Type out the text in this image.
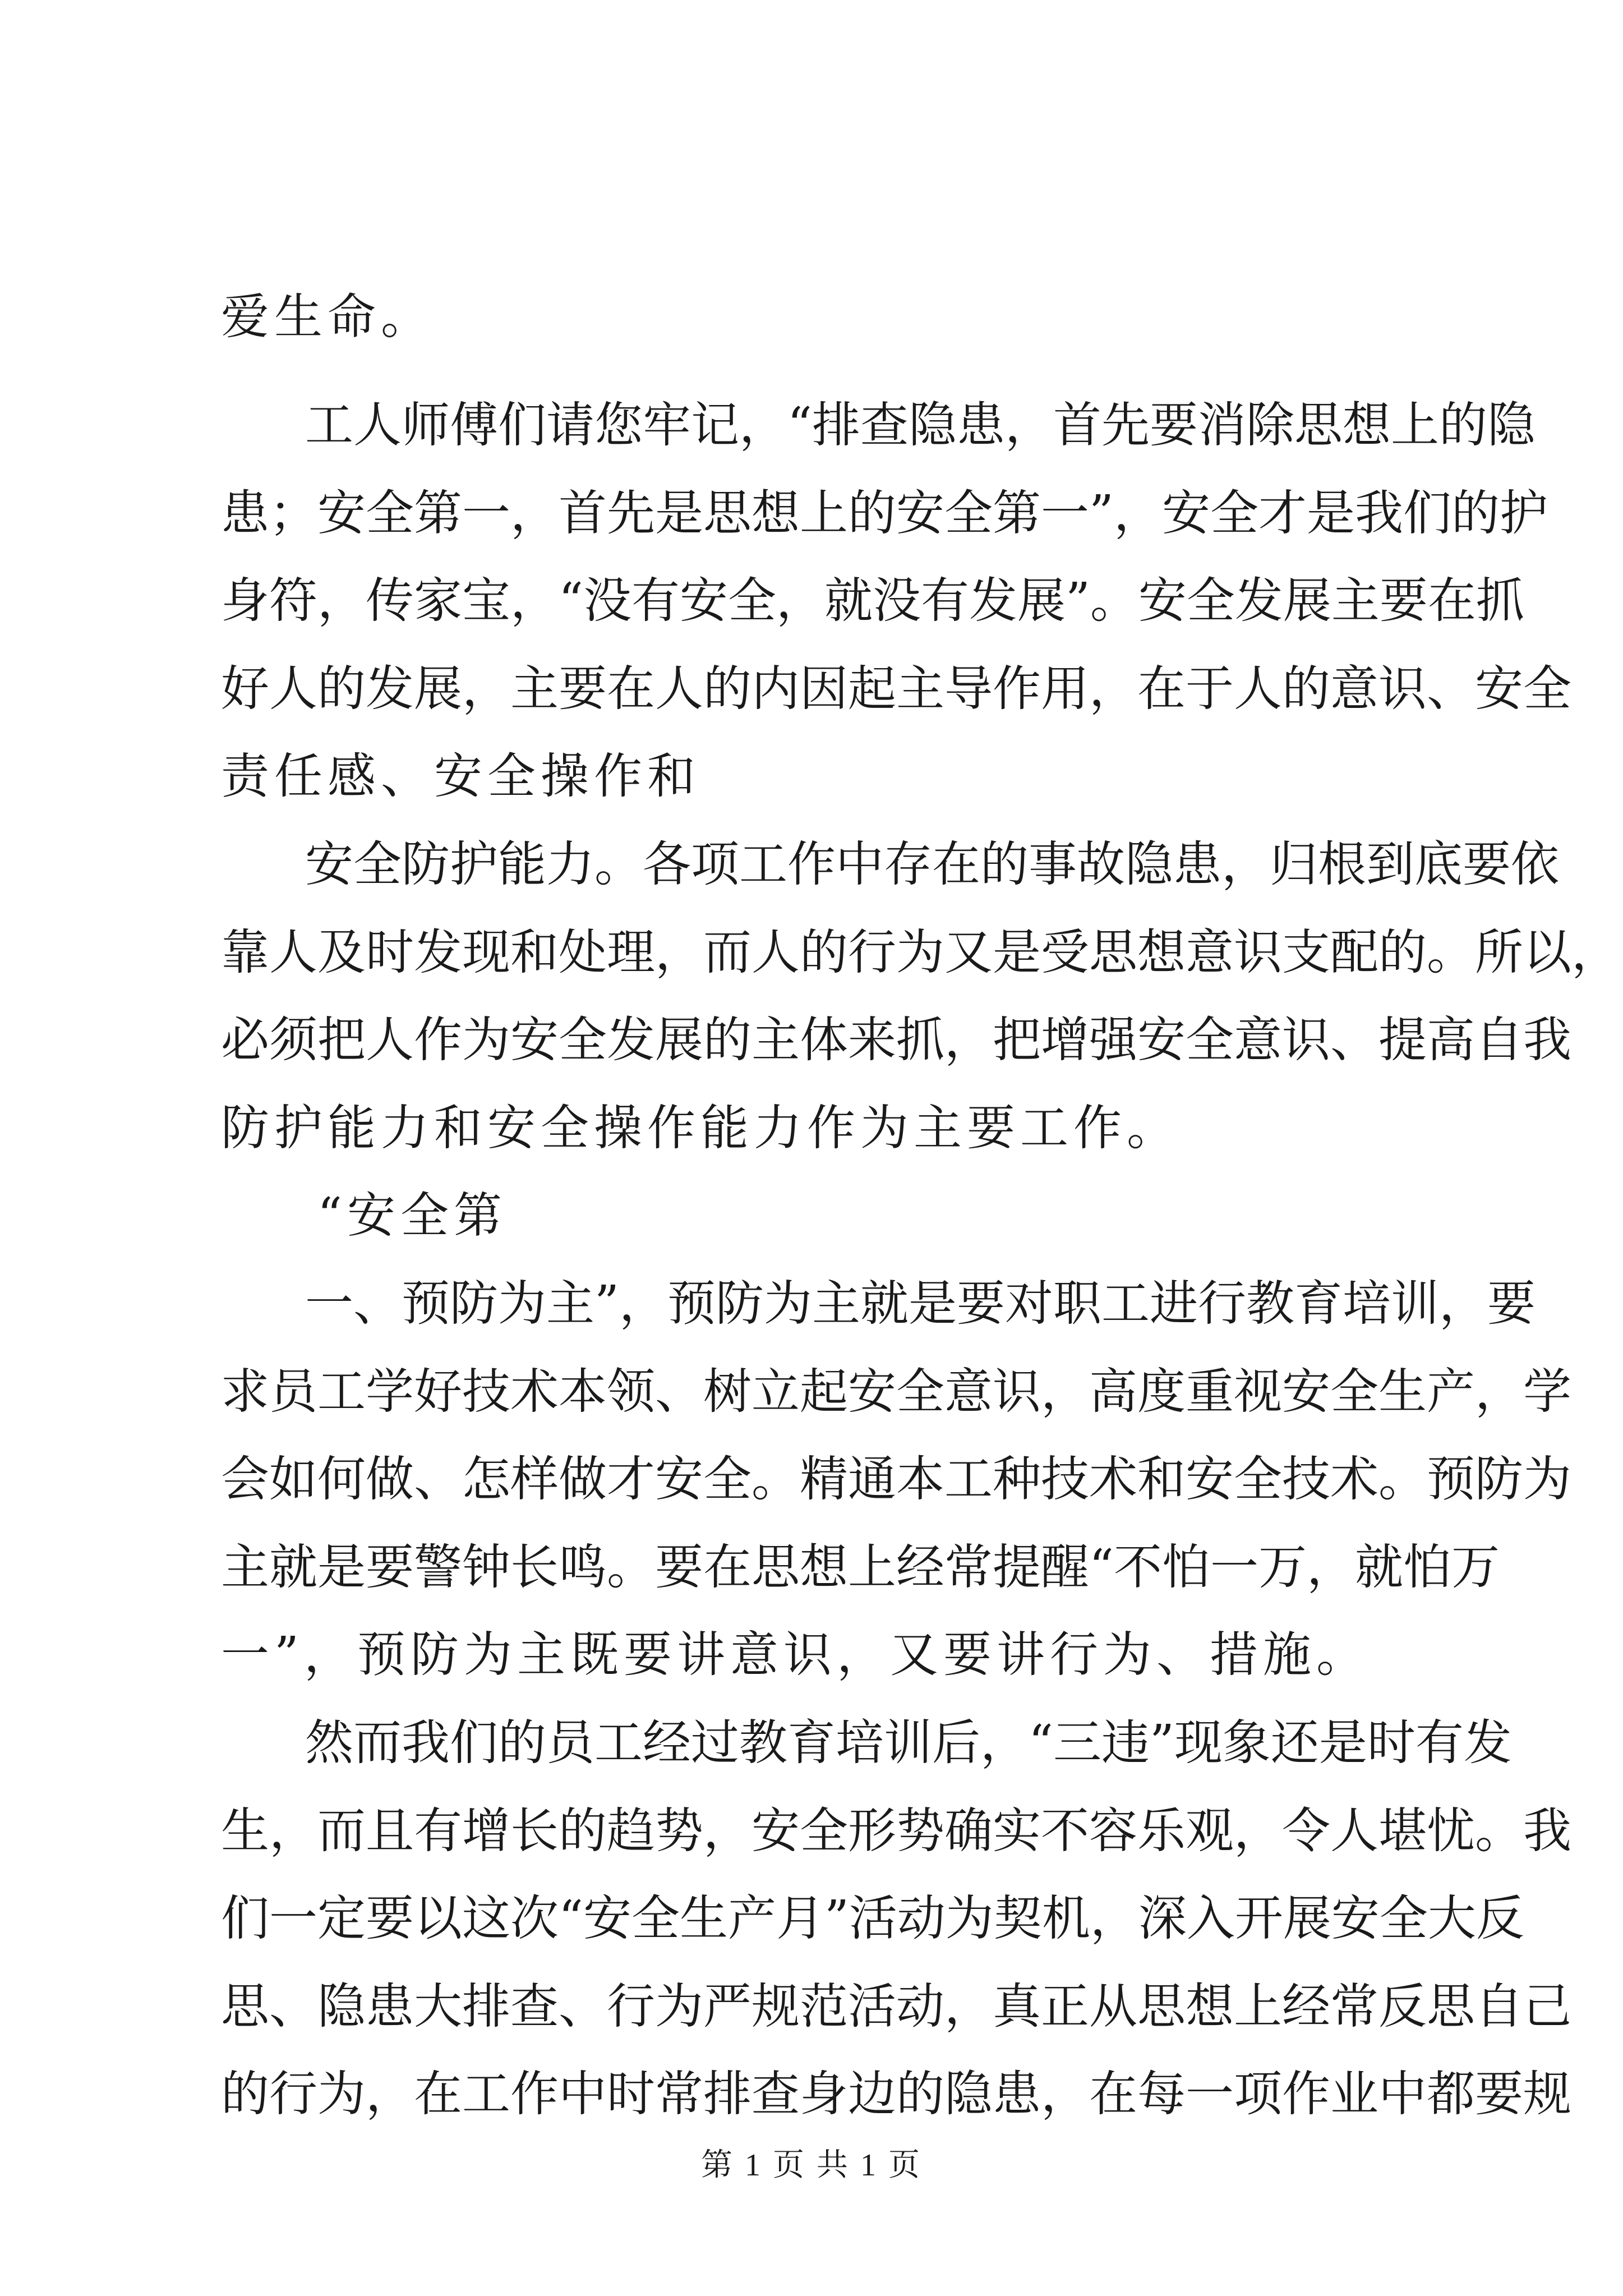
爱生命。
工人师傅们请您牢记，“排查隐患，首先要消除思想上的隐
患；安全第一，首先是思想上的安全第一”，安全才是我们的护
身符，传家宝，“没有安全，就没有发展”。安全发展主要在抓
好人的发展，主要在人的内因起主导作用，在于人的意识、安全
责任感、安全操作和
安全防护能力。各项工作中存在的事故隐患，归根到底要依
靠人及时发现和处理，而人的行为又是受思想意识支配的。所以，
必须把人作为安全发展的主体来抓，把增强安全意识、提高自我
防护能力和安全操作能力作为主要工作。
“安全第
一、预防为主”，预防为主就是要对职工进行教育培训，要
求员工学好技术本领、树立起安全意识，高度重视安全生产，学
会如何做、怎样做才安全。精通本工种技术和安全技术。预防为
主就是要警钟长鸣。要在思想上经常提醒“不怕一万，就怕万
一”，预防为主既要讲意识，又要讲行为、措施。
然而我们的员工经过教育培训后，“三违”现象还是时有发
生，而且有增长的趋势，安全形势确实不容乐观，令人堪忧。我
们一定要以这次“安全生产月”活动为契机，深入开展安全大反
思、隐患大排查、行为严规范活动，真正从思想上经常反思自己
的行为，在工作中时常排查身边的隐患，在每一项作业中都要规
第 1 页 共 1 页
